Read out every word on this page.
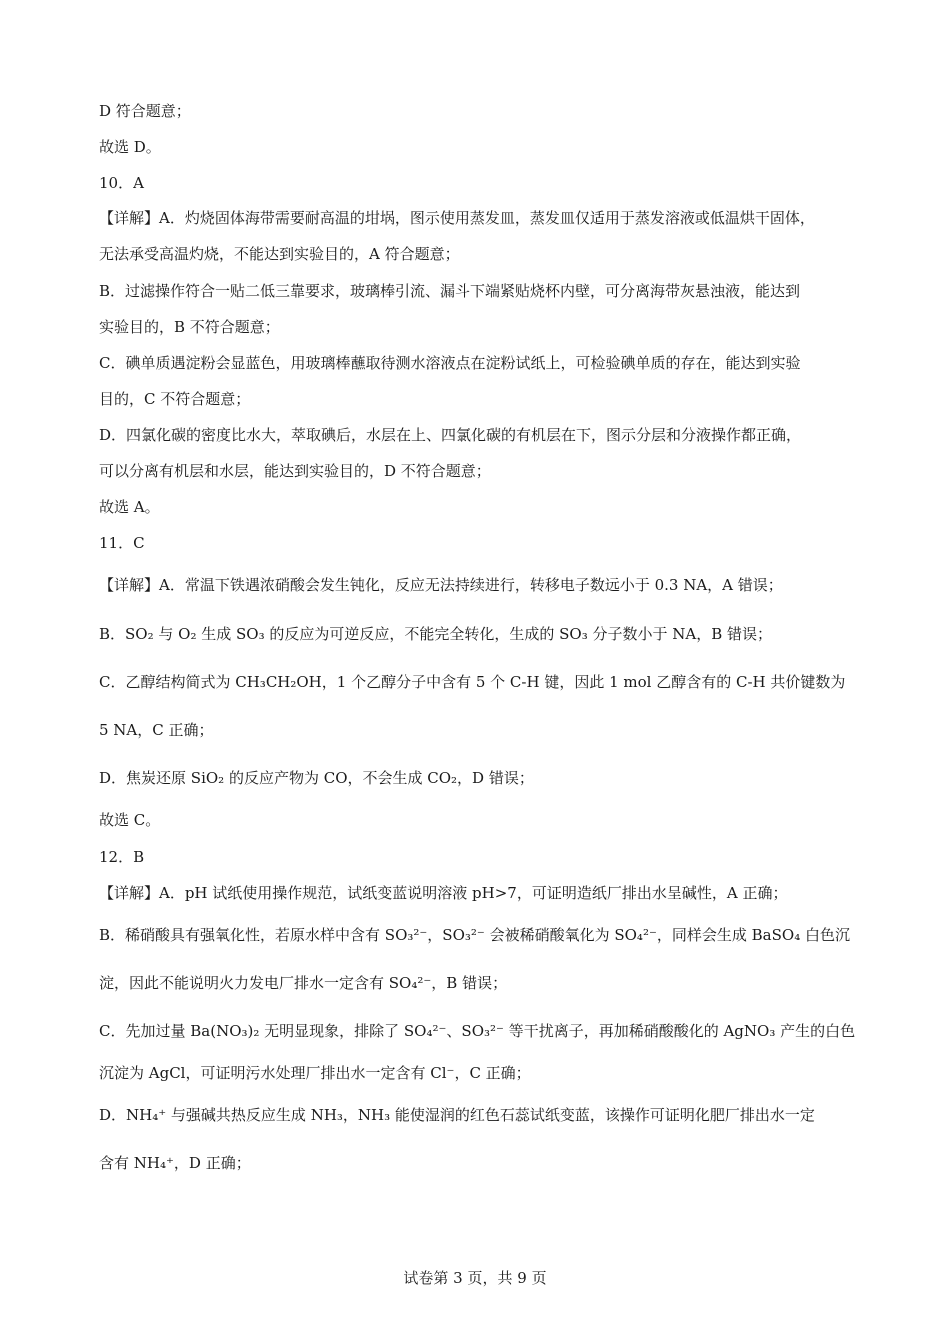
D 符合题意；
故选 D。
10．A
【详解】A．灼烧固体海带需要耐高温的坩埚，图示使用蒸发皿，蒸发皿仅适用于蒸发溶液或低温烘干固体，
无法承受高温灼烧，不能达到实验目的，A 符合题意；
B．过滤操作符合一贴二低三靠要求，玻璃棒引流、漏斗下端紧贴烧杯内壁，可分离海带灰悬浊液，能达到
实验目的，B 不符合题意；
C．碘单质遇淀粉会显蓝色，用玻璃棒蘸取待测水溶液点在淀粉试纸上，可检验碘单质的存在，能达到实验
目的，C 不符合题意；
D．四氯化碳的密度比水大，萃取碘后，水层在上、四氯化碳的有机层在下，图示分层和分液操作都正确，
可以分离有机层和水层，能达到实验目的，D 不符合题意；
故选 A。
11．C
【详解】A．常温下铁遇浓硝酸会发生钝化，反应无法持续进行，转移电子数远小于 0.3 NA，A 错误；
B．SO₂ 与 O₂ 生成 SO₃ 的反应为可逆反应，不能完全转化，生成的 SO₃ 分子数小于 NA，B 错误；
C．乙醇结构简式为 CH₃CH₂OH，1 个乙醇分子中含有 5 个 C-H 键，因此 1 mol 乙醇含有的 C-H 共价键数为
5 NA，C 正确；
D．焦炭还原 SiO₂ 的反应产物为 CO，不会生成 CO₂，D 错误；
故选 C。
12．B
【详解】A．pH 试纸使用操作规范，试纸变蓝说明溶液 pH>7，可证明造纸厂排出水呈碱性，A 正确；
B．稀硝酸具有强氧化性，若原水样中含有 SO₃²⁻，SO₃²⁻ 会被稀硝酸氧化为 SO₄²⁻，同样会生成 BaSO₄ 白色沉
淀，因此不能说明火力发电厂排水一定含有 SO₄²⁻，B 错误；
C．先加过量 Ba(NO₃)₂ 无明显现象，排除了 SO₄²⁻、SO₃²⁻ 等干扰离子，再加稀硝酸酸化的 AgNO₃ 产生的白色
沉淀为 AgCl，可证明污水处理厂排出水一定含有 Cl⁻，C 正确；
D．NH₄⁺ 与强碱共热反应生成 NH₃，NH₃ 能使湿润的红色石蕊试纸变蓝，该操作可证明化肥厂排出水一定
含有 NH₄⁺，D 正确；
试卷第 3 页，共 9 页
